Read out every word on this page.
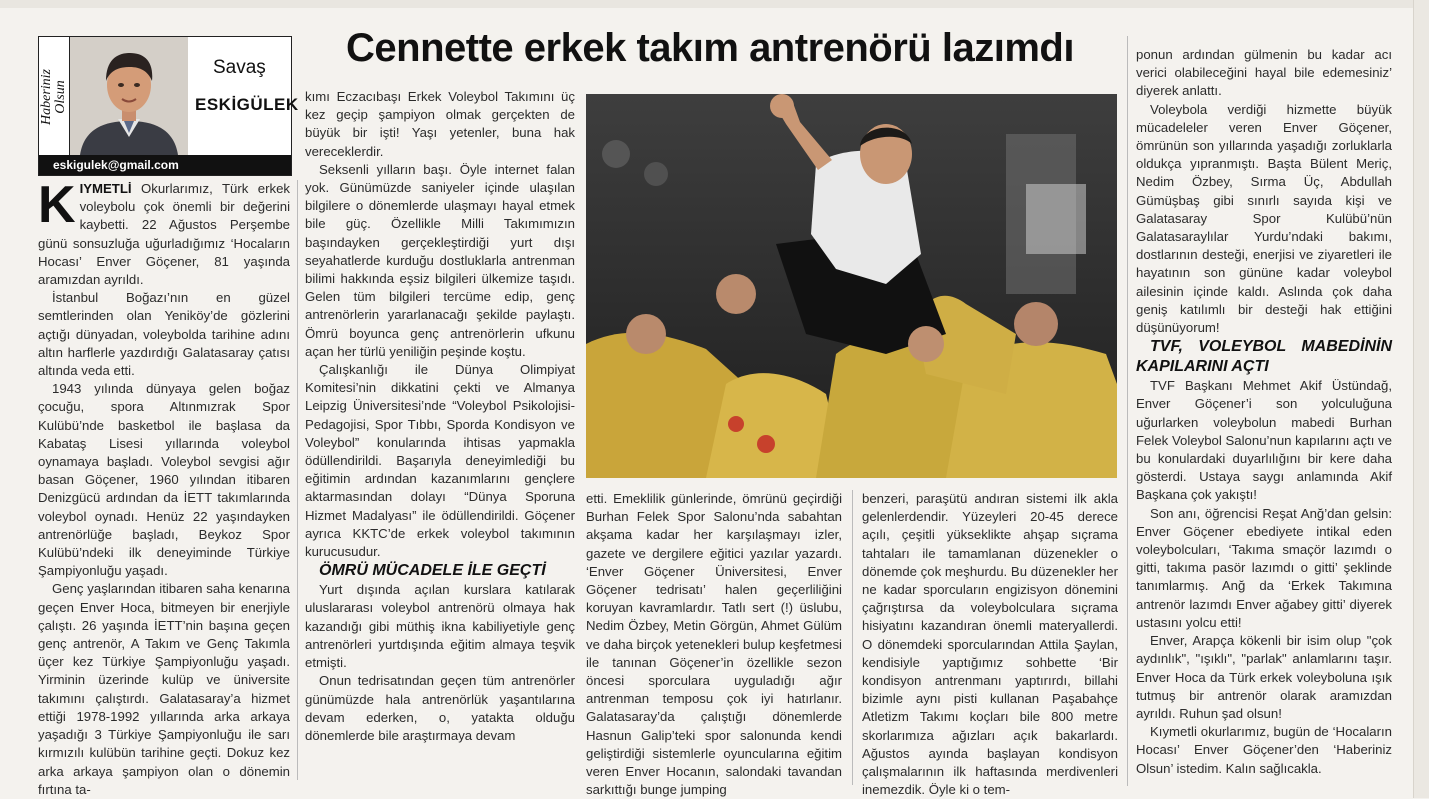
Haberiniz Olsun
Savaş
ESKİGÜLEK
eskigulek@gmail.com
Cennette erkek takım antrenörü lazımdı

KIYMETLİ Okurlarımız, Türk erkek voleybolu çok önemli bir değerini kaybetti. 22 Ağustos Perşembe günü sonsuzluğa uğurladığımız ‘Hocaların Hocası’ Enver Göçener, 81 yaşında aramızdan ayrıldı.

İstanbul Boğazı’nın en güzel semtlerinden olan Yeniköy’de gözlerini açtığı dünyadan, voleybolda tarihine adını altın harflerle yazdırdığı Galatasaray çatısı altında veda etti.

1943 yılında dünyaya gelen boğaz çocuğu, spora Altınmızrak Spor Kulübü’nde basketbol ile başlasa da Kabataş Lisesi yıllarında voleybol oynamaya başladı. Voleybol sevgisi ağır basan Göçener, 1960 yılından itibaren Denizgücü ardından da İETT takımlarında voleybol oynadı. Henüz 22 yaşındayken antrenörlüğe başladı, Beykoz Spor Kulübü’ndeki ilk deneyiminde Türkiye Şampiyonluğu yaşadı.

Genç yaşlarından itibaren saha kenarına geçen Enver Hoca, bitmeyen bir enerjiyle çalıştı. 26 yaşında İETT’nin başına geçen genç antrenör, A Takım ve Genç Takımla üçer kez Türkiye Şampiyonluğu yaşadı. Yirminin üzerinde kulüp ve üniversite takımını çalıştırdı. Galatasaray’a hizmet ettiği 1978-1992 yıllarında arka arkaya yaşadığı 3 Türkiye Şampiyonluğu ile sarı kırmızılı kulübün tarihine geçti. Dokuz kez arka arkaya şampiyon olan o dönemin fırtına ta-

kımı Eczacıbaşı Erkek Voleybol Takımını üç kez geçip şampiyon olmak gerçekten de büyük bir işti! Yaşı yetenler, buna hak vereceklerdir.

Seksenli yılların başı. Öyle internet falan yok. Günümüzde saniyeler içinde ulaşılan bilgilere o dönemlerde ulaşmayı hayal etmek bile güç. Özellikle Milli Takımımızın başındayken gerçekleştirdiği yurt dışı seyahatlerde kurduğu dostluklarla antrenman bilimi hakkında eşsiz bilgileri ülkemize taşıdı. Gelen tüm bilgileri tercüme edip, genç antrenörlerin yararlanacağı şekilde paylaştı. Ömrü boyunca genç antrenörlerin ufkunu açan her türlü yeniliğin peşinde koştu.

Çalışkanlığı ile Dünya Olimpiyat Komitesi’nin dikkatini çekti ve Almanya Leipzig Üniversitesi’nde “Voleybol Psikolojisi- Pedagojisi, Spor Tıbbı, Sporda Kondisyon ve Voleybol” konularında ihtisas yapmakla ödüllendirildi. Başarıyla deneyimlediği bu eğitimin ardından kazanımlarını gençlere aktarmasından dolayı “Dünya Sporuna Hizmet Madalyası” ile ödüllendirildi. Göçener ayrıca KKTC’de erkek voleybol takımının kurucusudur.

ÖMRÜ MÜCADELE İLE GEÇTİ

Yurt dışında açılan kurslara katılarak uluslararası voleybol antrenörü olmaya hak kazandığı gibi müthiş ikna kabiliyetiyle genç antrenörleri yurtdışında eğitim almaya teşvik etmişti.

Onun tedrisatından geçen tüm antrenörler günümüzde hala antrenörlük yaşantılarına devam ederken, o, yatakta olduğu dönemlerde bile araştırmaya devam

etti. Emeklilik günlerinde, ömrünü geçirdiği Burhan Felek Spor Salonu’nda sabahtan akşama kadar her karşılaşmayı izler, gazete ve dergilere eğitici yazılar yazardı. ‘Enver Göçener Üniversitesi, Enver Göçener tedrisatı’ halen geçerliliğini koruyan kavramlardır. Tatlı sert (!) üslubu, Nedim Özbey, Metin Görgün, Ahmet Gülüm ve daha birçok yetenekleri bulup keşfetmesi ile tanınan Göçener’in özellikle sezon öncesi sporculara uyguladığı ağır antrenman temposu çok iyi hatırlanır. Galatasaray’da çalıştığı dönemlerde Hasnun Galip’teki spor salonunda kendi geliştirdiği sistemlerle oyuncularına eğitim veren Enver Hocanın, salondaki tavandan sarkıttığı bunge jumping

benzeri, paraşütü andıran sistemi ilk akla gelenlerdendir. Yüzeyleri 20-45 derece açılı, çeşitli yükseklikte ahşap sıçrama tahtaları ile tamamlanan düzenekler o dönemde çok meşhurdu. Bu düzenekler her ne kadar sporcuların engizisyon dönemini çağrıştırsa da voleybolculara sıçrama hisiyatını kazandıran önemli materyallerdi. O dönemdeki sporcularından Attila Şaylan, kendisiyle yaptığımız sohbette ‘Bir kondisyon antrenmanı yaptırırdı, billahi bizimle aynı pisti kullanan Paşabahçe Atletizm Takımı koçları bile 800 metre skorlarımıza ağızları açık bakarlardı. Ağustos ayında başlayan kondisyon çalışmalarının ilk haftasında merdivenleri inemezdik. Öyle ki o tem-

ponun ardından gülmenin bu kadar acı verici olabileceğini hayal bile edemesiniz’ diyerek anlattı.

Voleybola verdiği hizmette büyük mücadeleler veren Enver Göçener, ömrünün son yıllarında yaşadığı zorluklarla oldukça yıpranmıştı. Başta Bülent Meriç, Nedim Özbey, Sırma Üç, Abdullah Gümüşbaş gibi sınırlı sayıda kişi ve Galatasaray Spor Kulübü’nün Galatasaraylılar Yurdu’ndaki bakımı, dostlarının desteği, enerjisi ve ziyaretleri ile hayatının son gününe kadar voleybol ailesinin içinde kaldı. Aslında çok daha geniş katılımlı bir desteği hak ettiğini düşünüyorum!

TVF, VOLEYBOL MABEDİNİN KAPILARINI AÇTI

TVF Başkanı Mehmet Akif Üstündağ, Enver Göçener’i son yolculuğuna uğurlarken voleybolun mabedi Burhan Felek Voleybol Salonu’nun kapılarını açtı ve bu konulardaki duyarlılığını bir kere daha gösterdi. Ustaya saygı anlamında Akif Başkana çok yakıştı!

Son anı, öğrencisi Reşat Anğ’dan gelsin: Enver Göçener ebediyete intikal eden voleybolcuları, ‘Takıma smaçör lazımdı o gitti, takıma pasör lazımdı o gitti’ şeklinde tanımlarmış. Anğ da ‘Erkek Takımına antrenör lazımdı Enver ağabey gitti’ diyerek ustasını yolcu etti!

Enver, Arapça kökenli bir isim olup "çok aydınlık", "ışıklı", "parlak" anlamlarını taşır. Enver Hoca da Türk erkek voleyboluna ışık tutmuş bir antrenör olarak aramızdan ayrıldı. Ruhun şad olsun!

Kıymetli okurlarımız, bugün de ‘Hocaların Hocası’ Enver Göçener’den ‘Haberiniz Olsun’ istedim. Kalın sağlıcakla.
